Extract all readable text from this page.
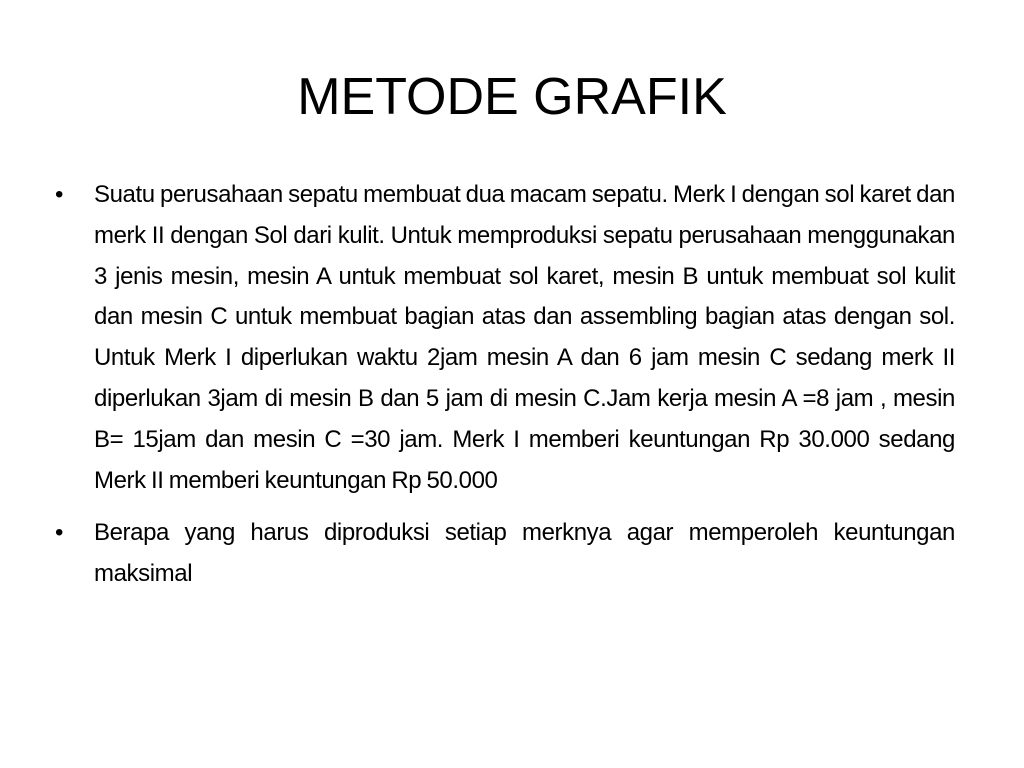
METODE GRAFIK
• Suatu perusahaan sepatu membuat dua macam sepatu. Merk I dengan sol karet dan merk II dengan Sol dari kulit. Untuk memproduksi sepatu perusahaan menggunakan 3 jenis mesin, mesin A untuk membuat sol karet, mesin B untuk membuat sol kulit dan mesin C untuk membuat bagian atas dan assembling bagian atas dengan sol. Untuk Merk I diperlukan waktu 2jam mesin A dan 6 jam mesin C sedang merk II diperlukan 3jam di mesin B dan 5 jam di mesin C.Jam kerja mesin A =8 jam , mesin B= 15jam dan mesin C =30 jam. Merk I memberi keuntungan Rp 30.000 sedang Merk II memberi keuntungan Rp 50.000
• Berapa yang harus diproduksi setiap merknya agar memperoleh keuntungan maksimal
